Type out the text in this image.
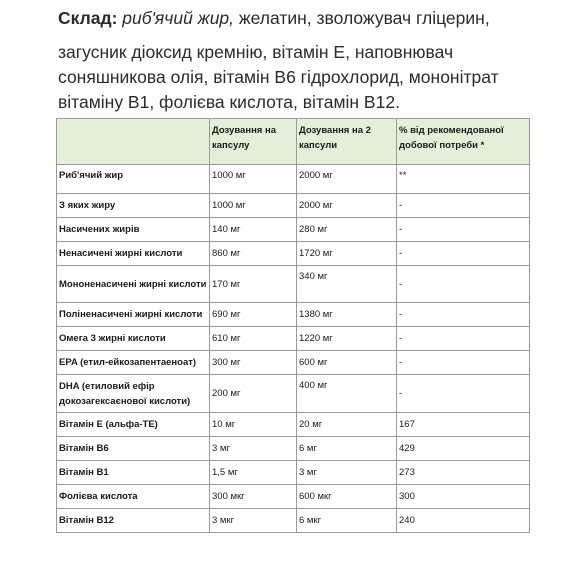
Склад: риб'ячий жир, желатин, зволожувач гліцерин,
загусник діоксид кремнію, вітамін Е, наповнювач
соняшникова олія, вітамін В6 гідрохлорид, мононітрат
вітаміну В1, фолієва кислота, вітамін В12.
	Дозування на капсулу	Дозування на 2 капсули	% від рекомендованої добової потреби *
Риб'ячий жир	1000 мг	2000 мг	**
З яких жиру	1000 мг	2000 мг	-
Насичених жирів	140 мг	280 мг	-
Ненасичені жирні кислоти	860 мг	1720 мг	-
Мононенасичені жирні кислоти	170 мг	340 мг	-
Поліненасичені жирні кислоти	690 мг	1380 мг	-
Омега 3 жирні кислоти	610 мг	1220 мг	-
EPA (етил-ейкозапентаеноат)	300 мг	600 мг	-
DHA (етиловий ефір докозагексаєнової кислоти)	200 мг	400 мг	-
Вітамін Е (альфа-ТЕ)	10 мг	20 мг	167
Вітамін В6	3 мг	6 мг	429
Вітамін В1	1,5 мг	3 мг	273
Фолієва кислота	300 мкг	600 мкг	300
Вітамін В12	3 мкг	6 мкг	240
